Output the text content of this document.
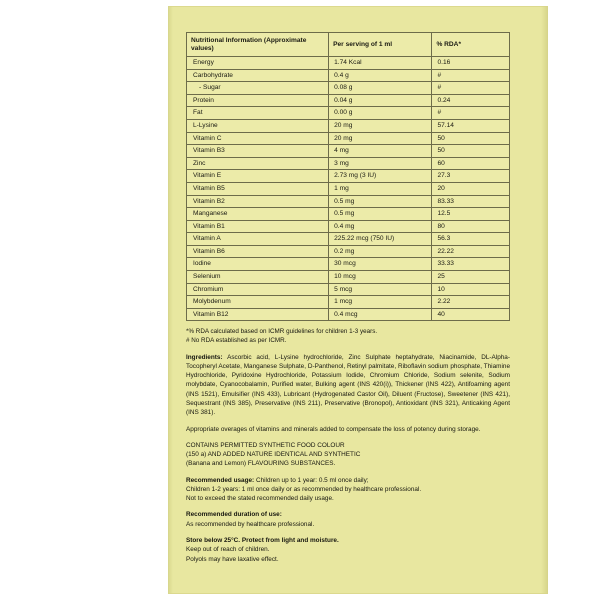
Nutritional Information (Approximate values)	Per serving of 1 ml	% RDA*
Energy	1.74 Kcal	0.16
Carbohydrate	0.4 g	#
- Sugar	0.08 g	#
Protein	0.04 g	0.24
Fat	0.00 g	#
L-Lysine	20 mg	57.14
Vitamin C	20 mg	50
Vitamin B3	4 mg	50
Zinc	3 mg	60
Vitamin E	2.73 mg (3 IU)	27.3
Vitamin B5	1 mg	20
Vitamin B2	0.5 mg	83.33
Manganese	0.5 mg	12.5
Vitamin B1	0.4 mg	80
Vitamin A	225.22 mcg (750 IU)	56.3
Vitamin B6	0.2 mg	22.22
Iodine	30 mcg	33.33
Selenium	10 mcg	25
Chromium	5 mcg	10
Molybdenum	1 mcg	2.22
Vitamin B12	0.4 mcg	40
*% RDA calculated based on ICMR guidelines for children 1-3 years.
# No RDA established as per ICMR.
Ingredients: Ascorbic acid, L-Lysine hydrochloride, Zinc Sulphate heptahydrate, Niacinamide, DL-Alpha-Tocopheryl Acetate, Manganese Sulphate, D-Panthenol, Retinyl palmitate, Riboflavin sodium phosphate, Thiamine Hydrochloride, Pyridoxine Hydrochloride, Potassium Iodide, Chromium Chloride, Sodium selenite, Sodium molybdate, Cyanocobalamin, Purified water, Bulking agent (INS 420(i)), Thickener (INS 422), Antifoaming agent (INS 1521), Emulsifier (INS 433), Lubricant (Hydrogenated Castor Oil), Diluent (Fructose), Sweetener (INS 421), Sequestrant (INS 385), Preservative (INS 211), Preservative (Bronopol), Antioxidant (INS 321), Anticaking Agent (INS 381).
Appropriate overages of vitamins and minerals added to compensate the loss of potency during storage.
CONTAINS PERMITTED SYNTHETIC FOOD COLOUR
(150 a) AND ADDED NATURE IDENTICAL AND SYNTHETIC
(Banana and Lemon) FLAVOURING SUBSTANCES.
Recommended usage: Children up to 1 year: 0.5 ml once daily;
Children 1-2 years: 1 ml once daily or as recommended by healthcare professional.
Not to exceed the stated recommended daily usage.
Recommended duration of use:
As recommended by healthcare professional.
Store below 25°C. Protect from light and moisture.
Keep out of reach of children.
Polyols may have laxative effect.
